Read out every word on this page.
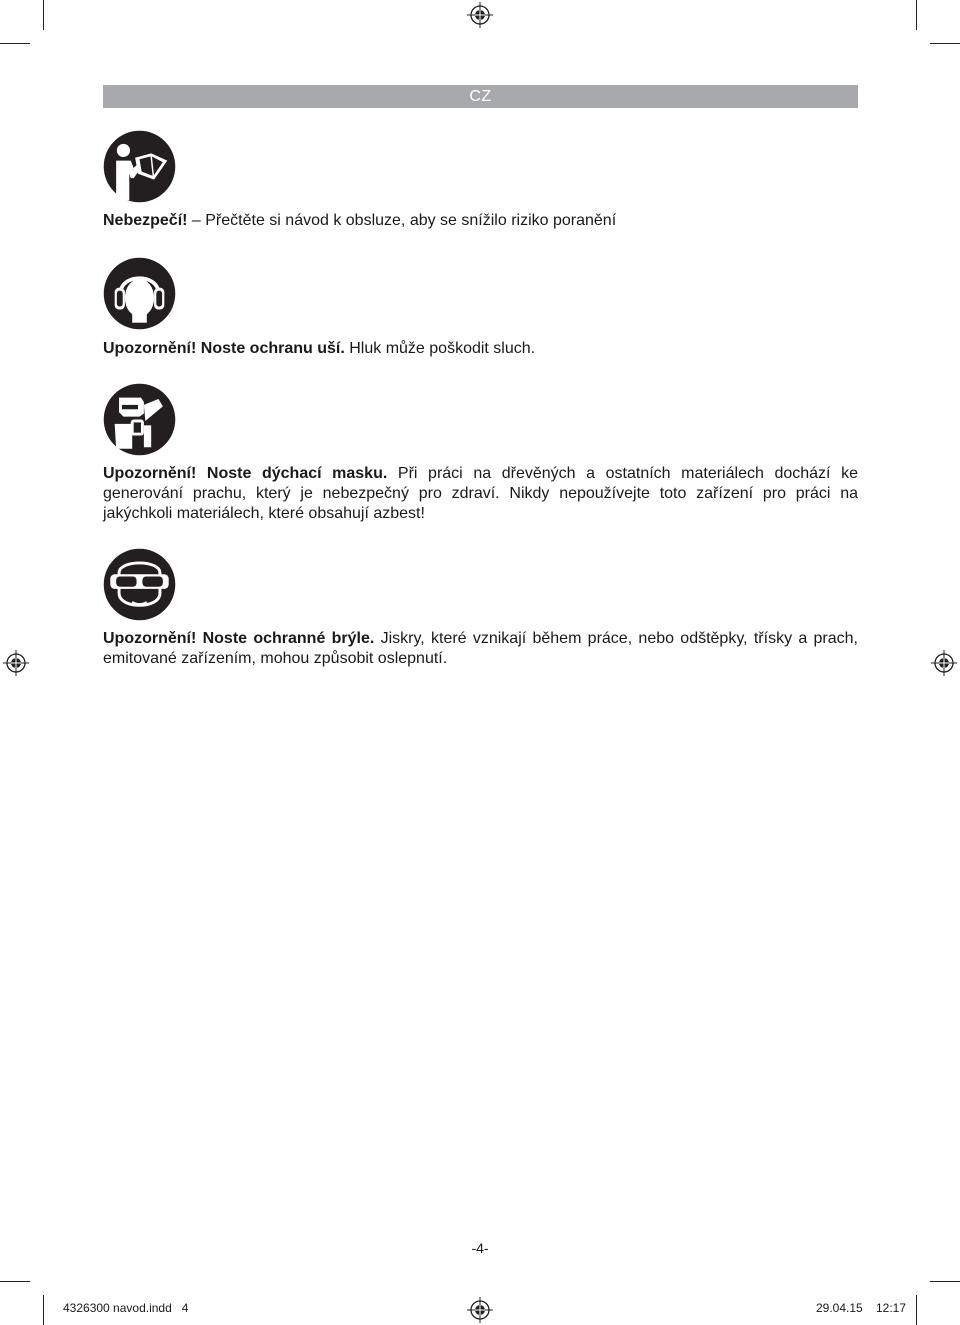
CZ

Nebezpečí! – Přečtěte si návod k obsluze, aby se snížilo riziko poranění

Upozornění! Noste ochranu uší. Hluk může poškodit sluch.

Upozornění! Noste dýchací masku. Při práci na dřevěných a ostatních materiálech dochází ke generování prachu, který je nebezpečný pro zdraví. Nikdy nepoužívejte toto zařízení pro práci na jakýchkoli materiálech, které obsahují azbest!

Upozornění! Noste ochranné brýle. Jiskry, které vznikají během práce, nebo odštěpky, třísky a prach, emitované zařízením, mohou způsobit oslepnutí.

-4-
4326300 navod.indd   4	29.04.15 12:17
